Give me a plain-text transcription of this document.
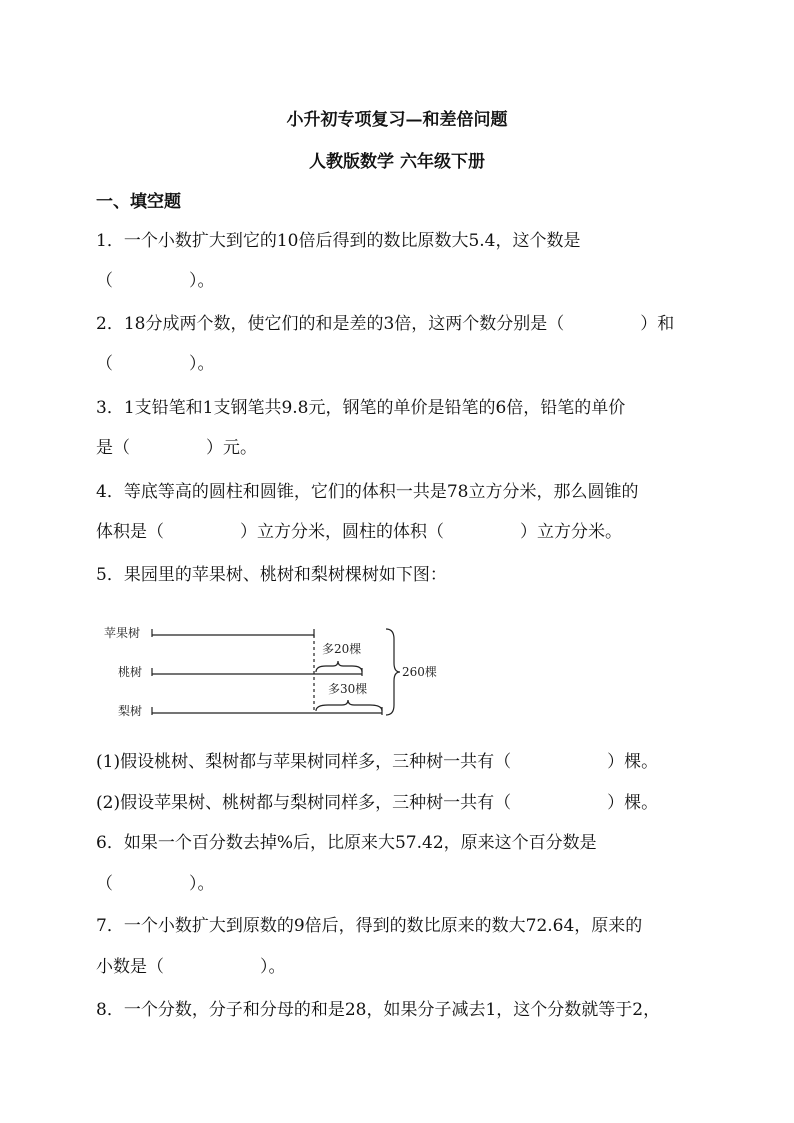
小升初专项复习—和差倍问题
人教版数学 六年级下册
一、填空题
1．一个小数扩大到它的10倍后得到的数比原数大5.4，这个数是
（	）。
2．18分成两个数，使它们的和是差的3倍，这两个数分别是（	）和
（	）。
3．1支铅笔和1支钢笔共9.8元，钢笔的单价是铅笔的6倍，铅笔的单价
是（	）元。
4．等底等高的圆柱和圆锥，它们的体积一共是78立方分米，那么圆锥的
体积是（	）立方分米，圆柱的体积（	）立方分米。
5．果园里的苹果树、桃树和梨树棵树如下图：
苹果树
桃树
梨树
多20棵
多30棵
260棵
(1)假设桃树、梨树都与苹果树同样多，三种树一共有（	）棵。
(2)假设苹果树、桃树都与梨树同样多，三种树一共有（	）棵。
6．如果一个百分数去掉%后，比原来大57.42，原来这个百分数是
（	）。
7．一个小数扩大到原数的9倍后，得到的数比原来的数大72.64，原来的
小数是（	）。
8．一个分数，分子和分母的和是28，如果分子减去1，这个分数就等于2，
